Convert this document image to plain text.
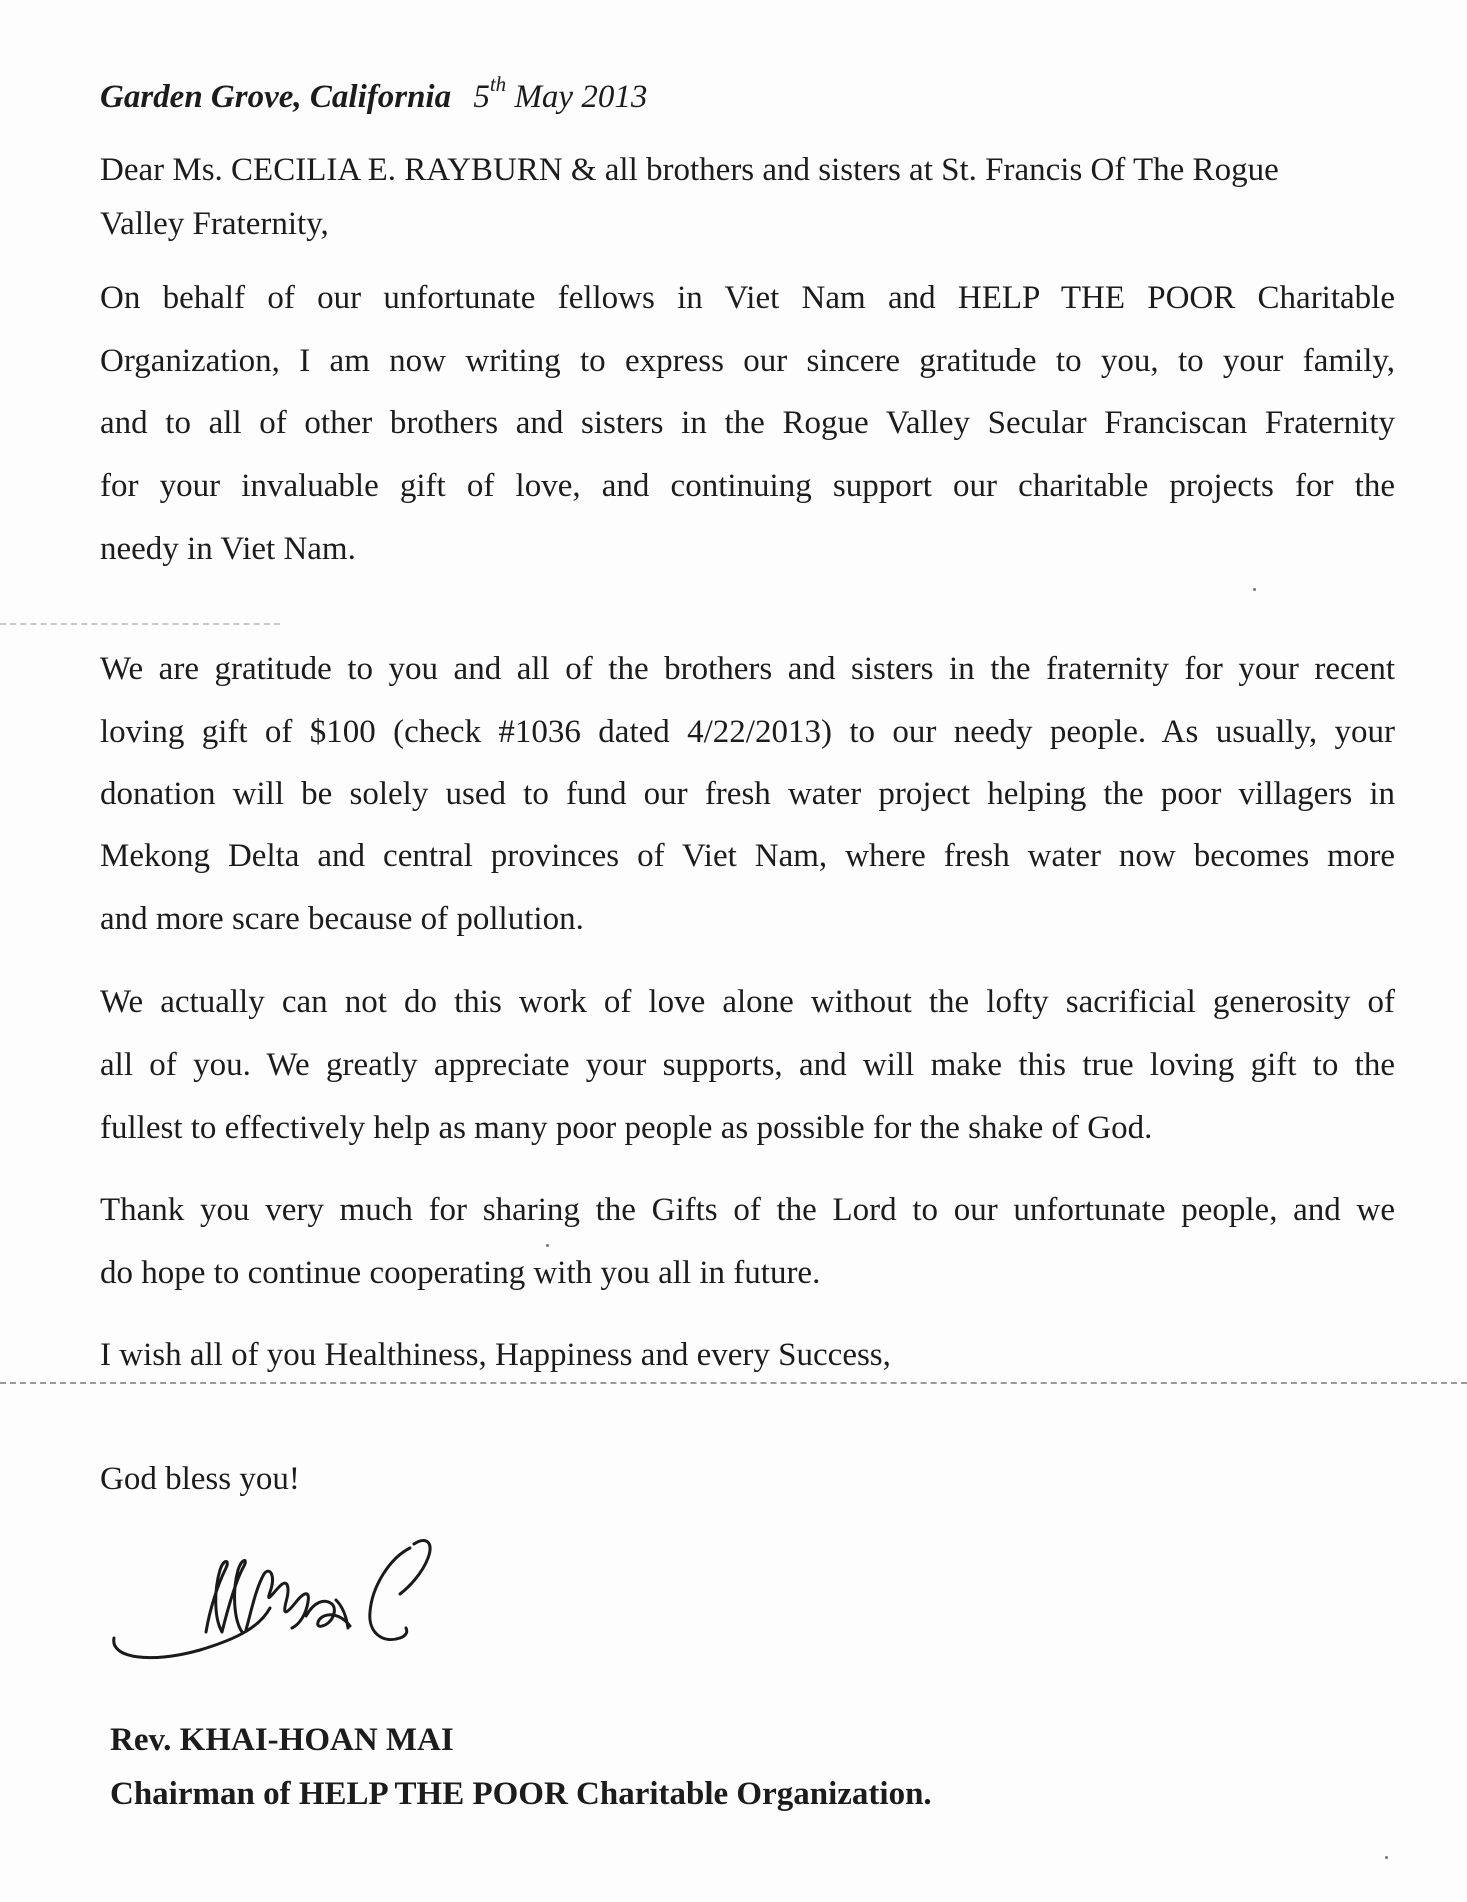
Garden Grove, California 5th May 2013
Dear Ms. CECILIA E. RAYBURN & all brothers and sisters at St. Francis Of The Rogue
Valley Fraternity,
On behalf of our unfortunate fellows in Viet Nam and HELP THE POOR Charitable
Organization, I am now writing to express our sincere gratitude to you, to your family,
and to all of other brothers and sisters in the Rogue Valley Secular Franciscan Fraternity
for your invaluable gift of love, and continuing support our charitable projects for the
needy in Viet Nam.
We are gratitude to you and all of the brothers and sisters in the fraternity for your recent
loving gift of $100 (check #1036 dated 4/22/2013) to our needy people. As usually, your
donation will be solely used to fund our fresh water project helping the poor villagers in
Mekong Delta and central provinces of Viet Nam, where fresh water now becomes more
and more scare because of pollution.
We actually can not do this work of love alone without the lofty sacrificial generosity of
all of you. We greatly appreciate your supports, and will make this true loving gift to the
fullest to effectively help as many poor people as possible for the shake of God.
Thank you very much for sharing the Gifts of the Lord to our unfortunate people, and we
do hope to continue cooperating with you all in future.
I wish all of you Healthiness, Happiness and every Success,
God bless you!
Rev. KHAI-HOAN MAI
Chairman of HELP THE POOR Charitable Organization.
